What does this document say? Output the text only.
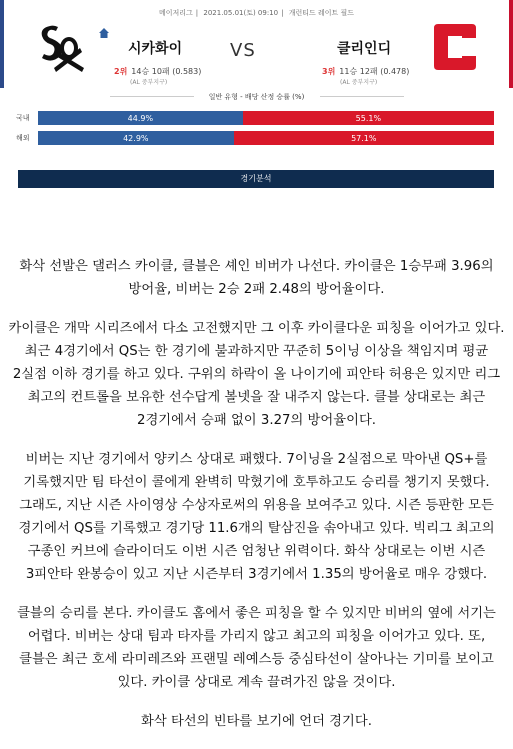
메이저리그 | 2021.05.01(토) 09:10 | 개런티드 레이트 필드
시카화이	VS	클리인디
2위 14승 10패 (0.583)
(AL 중부지구)
3위 11승 12패 (0.478)
(AL 중부지구)
일반 유형 - 배당 산정 승률 (%)
국내	44.9%	55.1%
해외	42.9%	57.1%
경기분석

화삭 선발은 댈러스 카이클, 클블은 셰인 비버가 나선다. 카이클은 1승무패 3.96의 방어율, 비버는 2승 2패 2.48의 방어율이다.

카이클은 개막 시리즈에서 다소 고전했지만 그 이후 카이클다운 피칭을 이어가고 있다. 최근 4경기에서 QS는 한 경기에 불과하지만 꾸준히 5이닝 이상을 책임지며 평균 2실점 이하 경기를 하고 있다. 구위의 하락이 올 나이기에 피안타 허용은 있지만 리그 최고의 컨트롤을 보유한 선수답게 볼넷을 잘 내주지 않는다. 클블 상대로는 최근 2경기에서 승패 없이 3.27의 방어율이다.

비버는 지난 경기에서 양키스 상대로 패했다. 7이닝을 2실점으로 막아낸 QS+를 기록했지만 팀 타선이 콜에게 완벽히 막혔기에 호투하고도 승리를 챙기지 못했다. 그래도, 지난 시즌 사이영상 수상자로써의 위용을 보여주고 있다. 시즌 등판한 모든 경기에서 QS를 기록했고 경기당 11.6개의 탈삼진을 솎아내고 있다. 빅리그 최고의 구종인 커브에 슬라이더도 이번 시즌 엄청난 위력이다. 화삭 상대로는 이번 시즌 3피안타 완봉승이 있고 지난 시즌부터 3경기에서 1.35의 방어율로 매우 강했다.

클블의 승리를 본다. 카이클도 홈에서 좋은 피칭을 할 수 있지만 비버의 옆에 서기는 어렵다. 비버는 상대 팀과 타자를 가리지 않고 최고의 피칭을 이어가고 있다. 또, 클블은 최근 호세 라미레즈와 프랜밀 레예스등 중심타선이 살아나는 기미를 보이고 있다. 카이클 상대로 계속 끌려가진 않을 것이다.

화삭 타선의 빈타를 보기에 언더 경기다.
